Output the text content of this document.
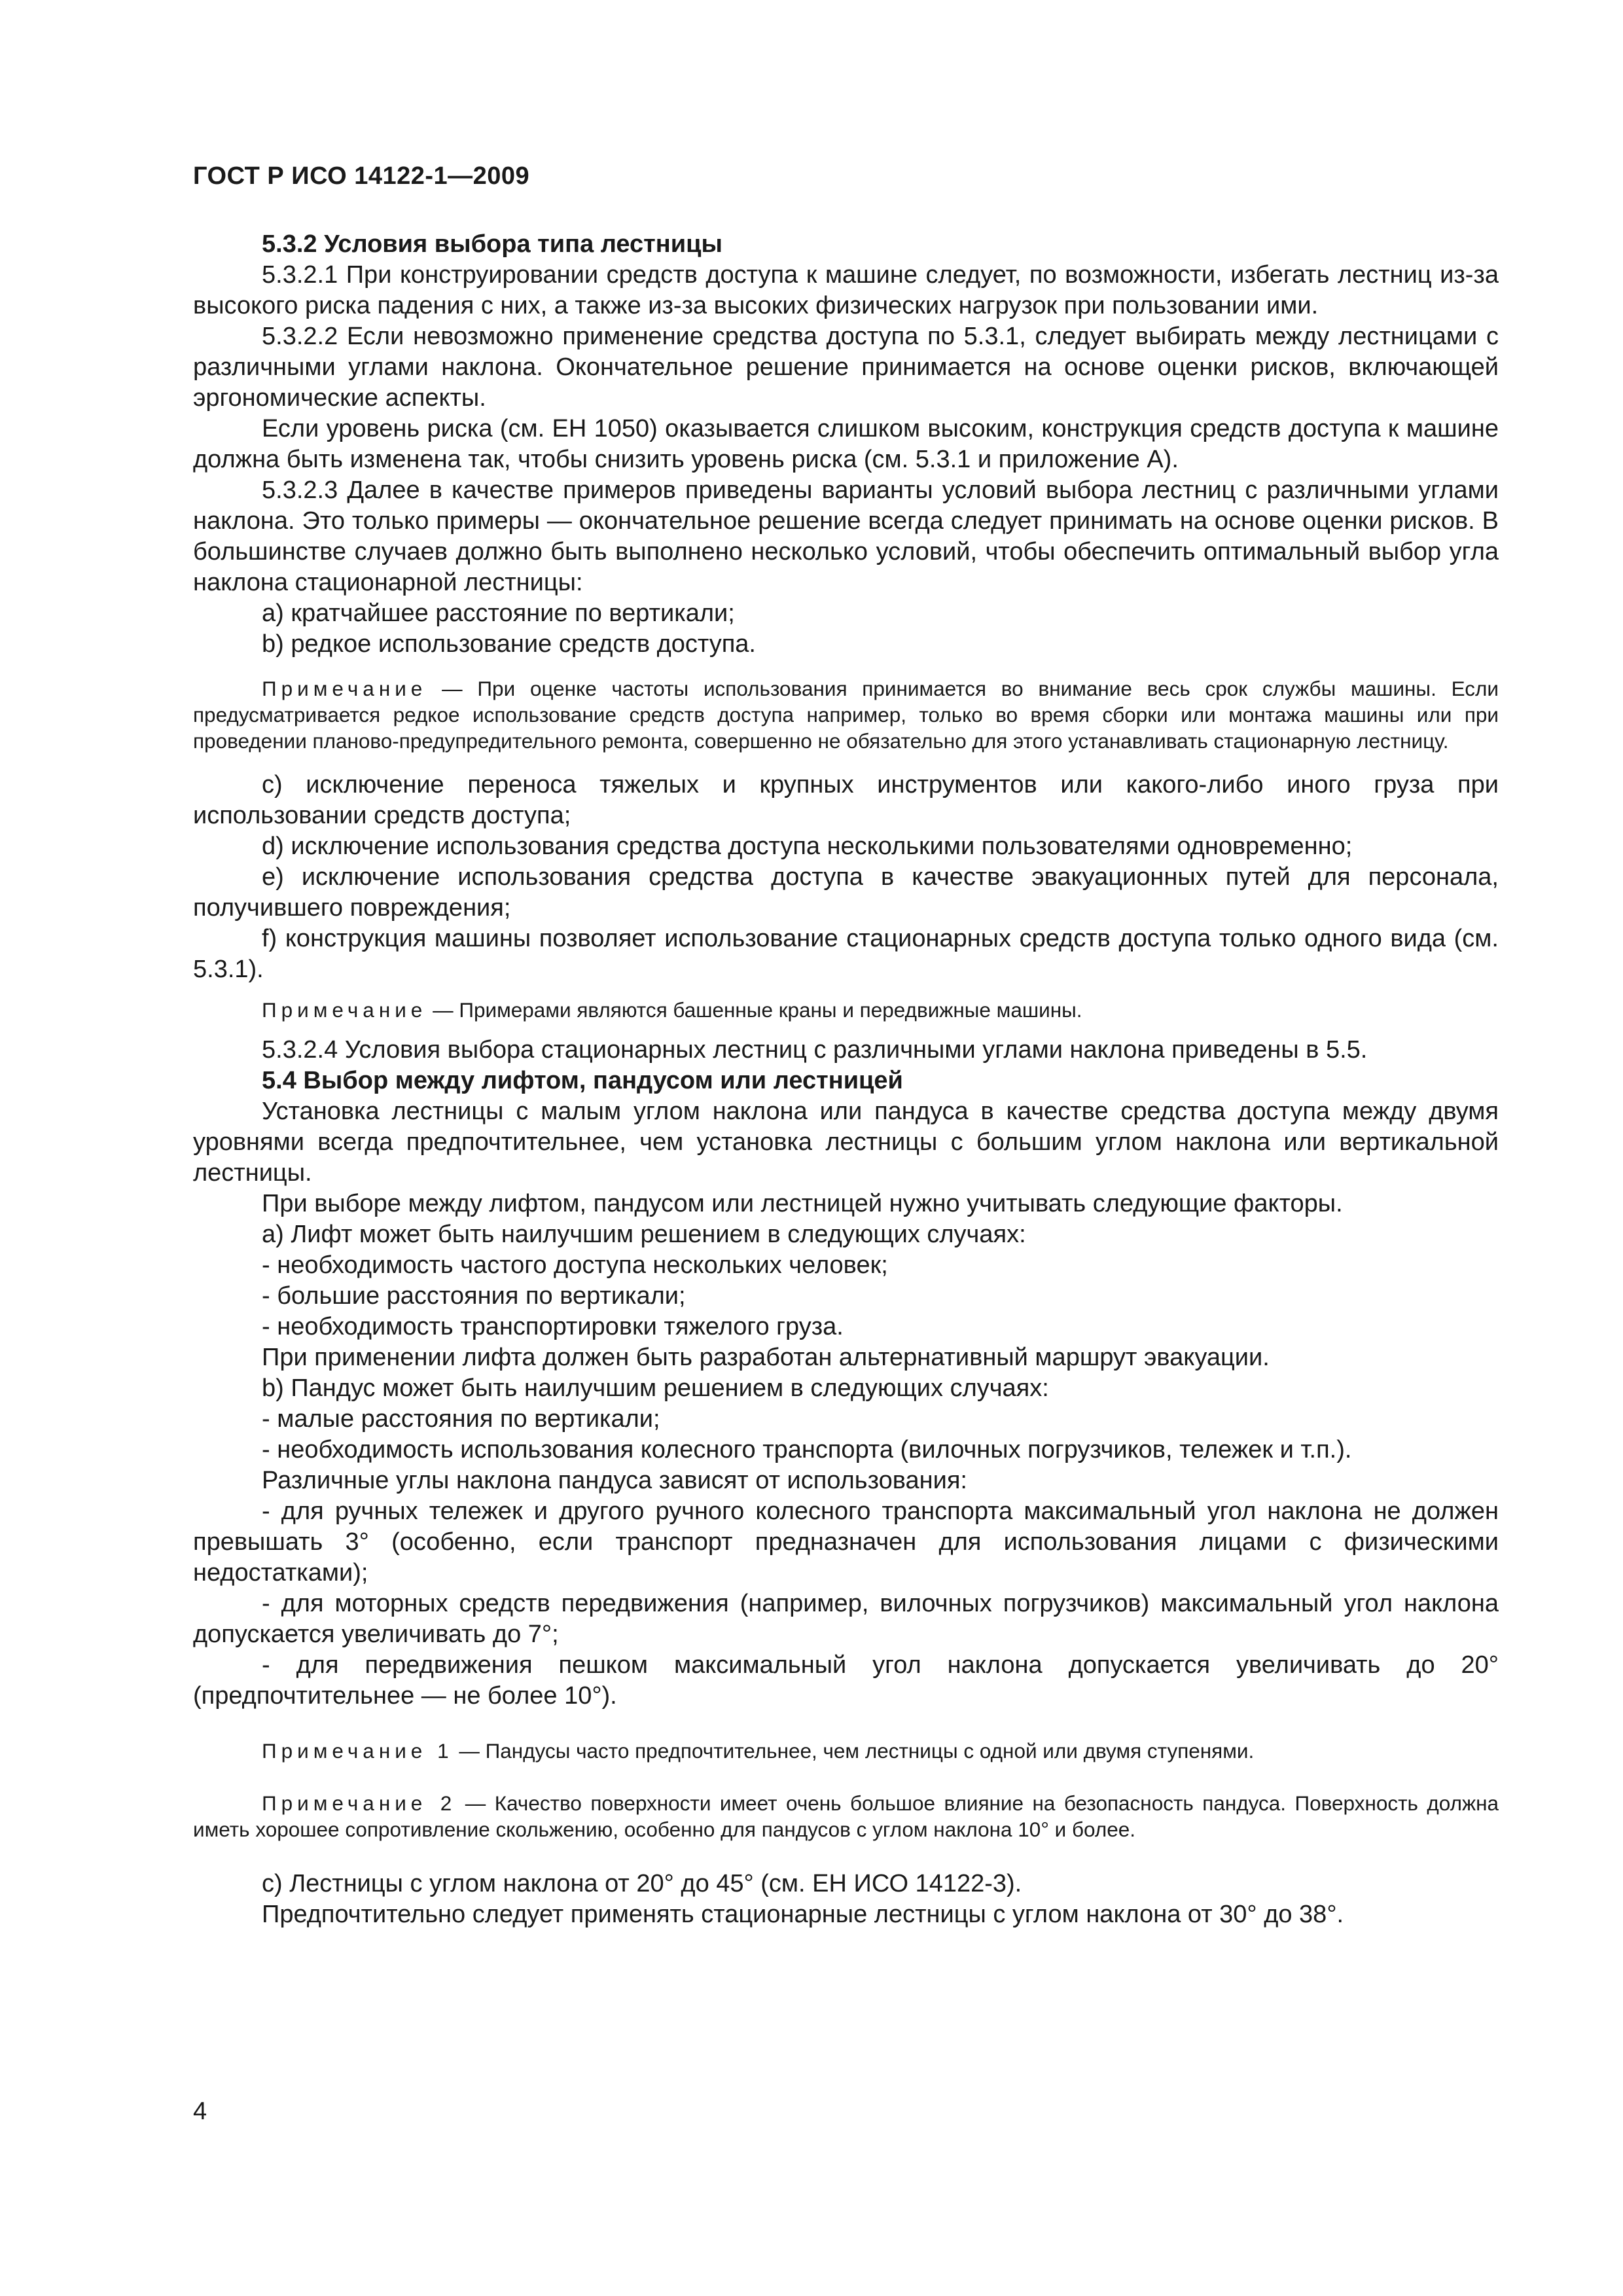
ГОСТ Р ИСО 14122-1—2009

5.3.2 Условия выбора типа лестницы

5.3.2.1 При конструировании средств доступа к машине следует, по возможности, избегать лестниц из-за высокого риска падения с них, а также из-за высоких физических нагрузок при пользовании ими.

5.3.2.2 Если невозможно применение средства доступа по 5.3.1, следует выбирать между лестницами с различными углами наклона. Окончательное решение принимается на основе оценки рисков, включающей эргономические аспекты.

Если уровень риска (см. ЕН 1050) оказывается слишком высоким, конструкция средств доступа к машине должна быть изменена так, чтобы снизить уровень риска (см. 5.3.1 и приложение А).

5.3.2.3 Далее в качестве примеров приведены варианты условий выбора лестниц с различными углами наклона. Это только примеры — окончательное решение всегда следует принимать на основе оценки рисков. В большинстве случаев должно быть выполнено несколько условий, чтобы обеспечить оптимальный выбор угла наклона стационарной лестницы:

а) кратчайшее расстояние по вертикали;

b) редкое использование средств доступа.

Примечание — При оценке частоты использования принимается во внимание весь срок службы машины. Если предусматривается редкое использование средств доступа например, только во время сборки или монтажа машины или при проведении планово-предупредительного ремонта, совершенно не обязательно для этого устанавливать стационарную лестницу.

с) исключение переноса тяжелых и крупных инструментов или какого-либо иного груза при использовании средств доступа;

d) исключение использования средства доступа несколькими пользователями одновременно;

е) исключение использования средства доступа в качестве эвакуационных путей для персонала, получившего повреждения;

f) конструкция машины позволяет использование стационарных средств доступа только одного вида (см. 5.3.1).

Примечание — Примерами являются башенные краны и передвижные машины.

5.3.2.4 Условия выбора стационарных лестниц с различными углами наклона приведены в 5.5.

5.4 Выбор между лифтом, пандусом или лестницей

Установка лестницы с малым углом наклона или пандуса в качестве средства доступа между двумя уровнями всегда предпочтительнее, чем установка лестницы с большим углом наклона или вертикальной лестницы.

При выборе между лифтом, пандусом или лестницей нужно учитывать следующие факторы.

а) Лифт может быть наилучшим решением в следующих случаях:

- необходимость частого доступа нескольких человек;

- большие расстояния по вертикали;

- необходимость транспортировки тяжелого груза.

При применении лифта должен быть разработан альтернативный маршрут эвакуации.

b) Пандус может быть наилучшим решением в следующих случаях:

- малые расстояния по вертикали;

- необходимость использования колесного транспорта (вилочных погрузчиков, тележек и т.п.).

Различные углы наклона пандуса зависят от использования:

- для ручных тележек и другого ручного колесного транспорта максимальный угол наклона не должен превышать 3° (особенно, если транспорт предназначен для использования лицами с физическими недостатками);

- для моторных средств передвижения (например, вилочных погрузчиков) максимальный угол наклона допускается увеличивать до 7°;

- для передвижения пешком максимальный угол наклона допускается увеличивать до 20° (предпочтительнее — не более 10°).

Примечание 1 — Пандусы часто предпочтительнее, чем лестницы с одной или двумя ступенями.

Примечание 2 — Качество поверхности имеет очень большое влияние на безопасность пандуса. Поверхность должна иметь хорошее сопротивление скольжению, особенно для пандусов с углом наклона 10° и более.

с) Лестницы с углом наклона от 20° до 45° (см. ЕН ИСО 14122-3).

Предпочтительно следует применять стационарные лестницы с углом наклона от 30° до 38°.

4
